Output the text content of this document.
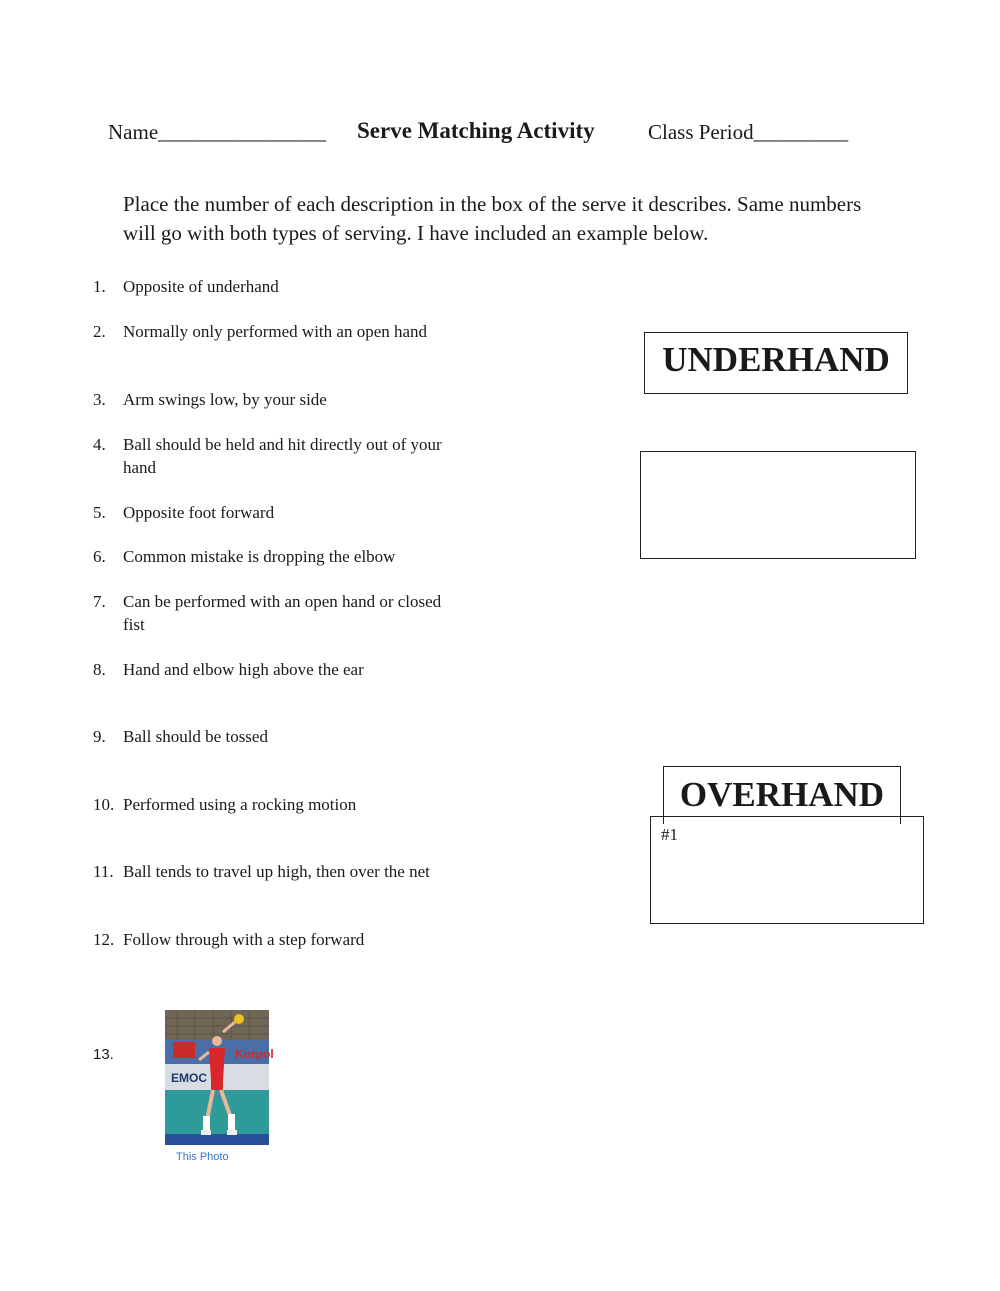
Name________________ Serve Matching Activity	Class Period_________
Place the number of each description in the box of the serve it describes. Same numbers will go with both types of serving. I have included an example below.
1.	Opposite of underhand
2.	Normally only performed with an open hand
3.	Arm swings low, by your side
4.	Ball should be held and hit directly out of your hand
5.	Opposite foot forward
6.	Common mistake is dropping the elbow
7.	Can be performed with an open hand or closed fist
8.	Hand and elbow high above the ear
9.	Ball should be tossed
10. Performed using a rocking motion
11. Ball tends to travel up high, then over the net
12. Follow through with a step forward
UNDERHAND
OVERHAND
#1
13.	Korpol
EMOC
This Photo
